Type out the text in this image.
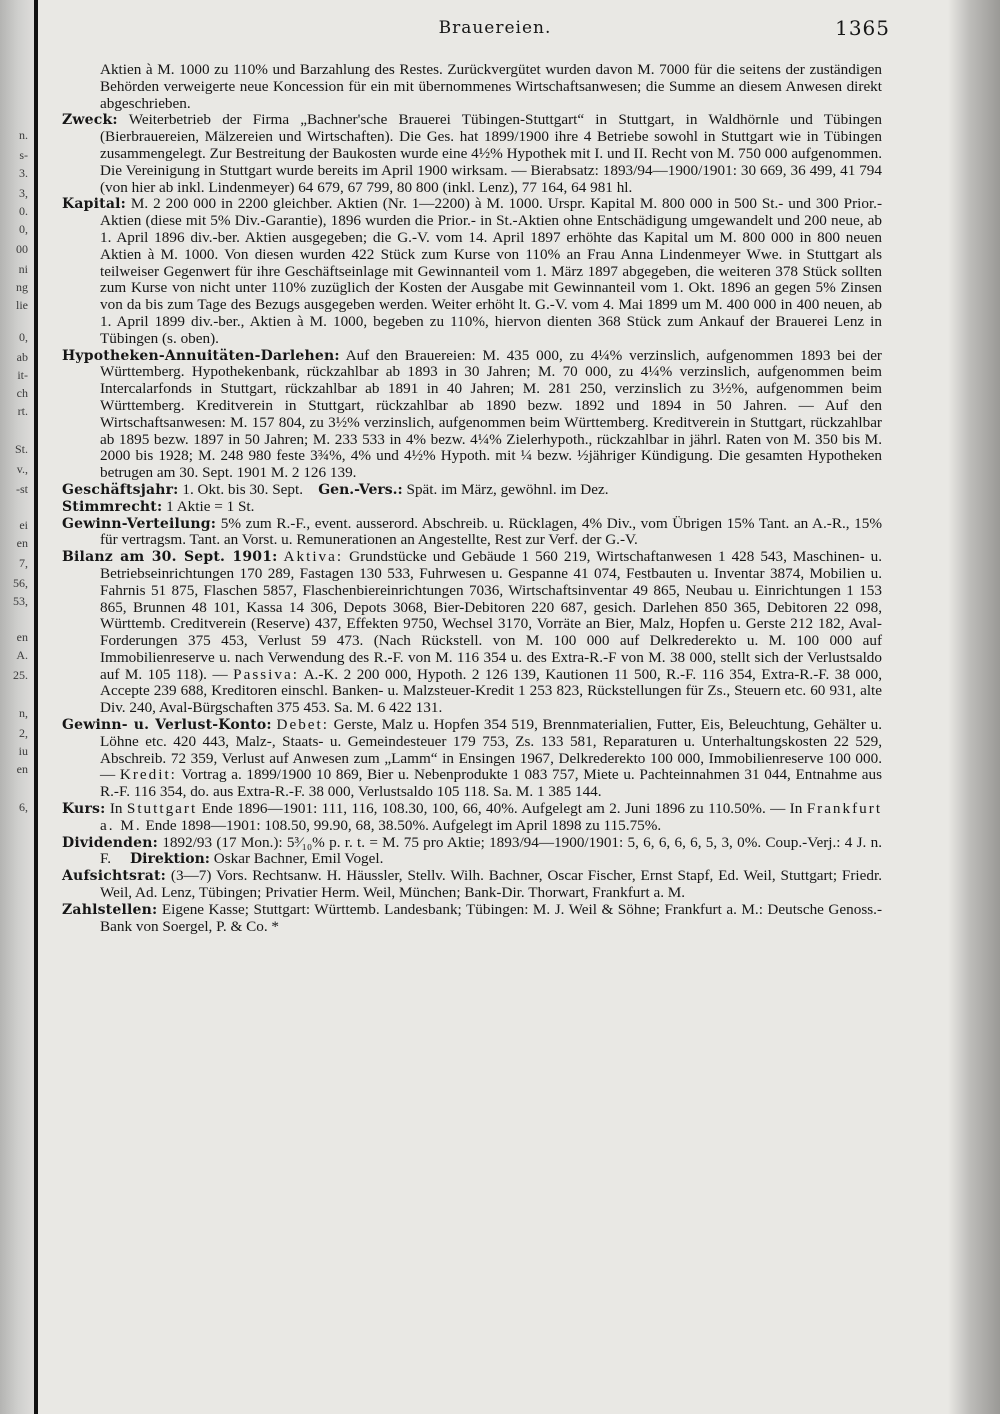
n.
s-
3.
3,
0.
0,
00
ni
ng
lie
0,
ab
it-
ch
rt.
St.
v.,
-st
ei
en
7,
56,
53,
en
A.
25.
n,
2,
iu
en
6,
Brauereien.	1365

Aktien à M. 1000 zu 110% und Barzahlung des Restes. Zurückvergütet wurden davon M. 7000 für die seitens der zuständigen Behörden verweigerte neue Koncession für ein mit übernommenes Wirtschaftsanwesen; die Summe an diesem Anwesen direkt abgeschrieben.

Zweck: Weiterbetrieb der Firma „Bachner'sche Brauerei Tübingen-Stuttgart“ in Stuttgart, in Waldhörnle und Tübingen (Bierbrauereien, Mälzereien und Wirtschaften). Die Ges. hat 1899/1900 ihre 4 Betriebe sowohl in Stuttgart wie in Tübingen zusammengelegt. Zur Bestreitung der Baukosten wurde eine 4½% Hypothek mit I. und II. Recht von M. 750 000 aufgenommen. Die Vereinigung in Stuttgart wurde bereits im April 1900 wirksam. — Bierabsatz: 1893/94—1900/1901: 30 669, 36 499, 41 794 (von hier ab inkl. Lindenmeyer) 64 679, 67 799, 80 800 (inkl. Lenz), 77 164, 64 981 hl.

Kapital: M. 2 200 000 in 2200 gleichber. Aktien (Nr. 1—2200) à M. 1000. Urspr. Kapital M. 800 000 in 500 St.- und 300 Prior.-Aktien (diese mit 5% Div.-Garantie), 1896 wurden die Prior.- in St.-Aktien ohne Entschädigung umgewandelt und 200 neue, ab 1. April 1896 div.-ber. Aktien ausgegeben; die G.-V. vom 14. April 1897 erhöhte das Kapital um M. 800 000 in 800 neuen Aktien à M. 1000. Von diesen wurden 422 Stück zum Kurse von 110% an Frau Anna Lindenmeyer Wwe. in Stuttgart als teilweiser Gegenwert für ihre Geschäftseinlage mit Gewinnanteil vom 1. März 1897 abgegeben, die weiteren 378 Stück sollten zum Kurse von nicht unter 110% zuzüglich der Kosten der Ausgabe mit Gewinnanteil vom 1. Okt. 1896 an gegen 5% Zinsen von da bis zum Tage des Bezugs ausgegeben werden. Weiter erhöht lt. G.-V. vom 4. Mai 1899 um M. 400 000 in 400 neuen, ab 1. April 1899 div.-ber., Aktien à M. 1000, begeben zu 110%, hiervon dienten 368 Stück zum Ankauf der Brauerei Lenz in Tübingen (s. oben).

Hypotheken-Annuitäten-Darlehen: Auf den Brauereien: M. 435 000, zu 4¼% verzinslich, aufgenommen 1893 bei der Württemberg. Hypothekenbank, rückzahlbar ab 1893 in 30 Jahren; M. 70 000, zu 4¼% verzinslich, aufgenommen beim Intercalarfonds in Stuttgart, rückzahlbar ab 1891 in 40 Jahren; M. 281 250, verzinslich zu 3½%, aufgenommen beim Württemberg. Kreditverein in Stuttgart, rückzahlbar ab 1890 bezw. 1892 und 1894 in 50 Jahren. — Auf den Wirtschaftsanwesen: M. 157 804, zu 3½% verzinslich, aufgenommen beim Württemberg. Kreditverein in Stuttgart, rückzahlbar ab 1895 bezw. 1897 in 50 Jahren; M. 233 533 in 4% bezw. 4¼% Zielerhypoth., rückzahlbar in jährl. Raten von M. 350 bis M. 2000 bis 1928; M. 248 980 feste 3¾%, 4% und 4½% Hypoth. mit ¼ bezw. ½jähriger Kündigung. Die gesamten Hypotheken betrugen am 30. Sept. 1901 M. 2 126 139.

Geschäftsjahr: 1. Okt. bis 30. Sept. Gen.-Vers.: Spät. im März, gewöhnl. im Dez.

Stimmrecht: 1 Aktie = 1 St.

Gewinn-Verteilung: 5% zum R.-F., event. ausserord. Abschreib. u. Rücklagen, 4% Div., vom Übrigen 15% Tant. an A.-R., 15% für vertragsm. Tant. an Vorst. u. Remunerationen an Angestellte, Rest zur Verf. der G.-V.

Bilanz am 30. Sept. 1901: Aktiva: Grundstücke und Gebäude 1 560 219, Wirtschaftanwesen 1 428 543, Maschinen- u. Betriebseinrichtungen 170 289, Fastagen 130 533, Fuhrwesen u. Gespanne 41 074, Festbauten u. Inventar 3874, Mobilien u. Fahrnis 51 875, Flaschen 5857, Flaschenbiereinrichtungen 7036, Wirtschaftsinventar 49 865, Neubau u. Einrichtungen 1 153 865, Brunnen 48 101, Kassa 14 306, Depots 3068, Bier-Debitoren 220 687, gesich. Darlehen 850 365, Debitoren 22 098, Württemb. Creditverein (Reserve) 437, Effekten 9750, Wechsel 3170, Vorräte an Bier, Malz, Hopfen u. Gerste 212 182, Aval-Forderungen 375 453, Verlust 59 473. (Nach Rückstell. von M. 100 000 auf Delkrederekto u. M. 100 000 auf Immobilienreserve u. nach Verwendung des R.-F. von M. 116 354 u. des Extra-R.-F von M. 38 000, stellt sich der Verlustsaldo auf M. 105 118). — Passiva: A.-K. 2 200 000, Hypoth. 2 126 139, Kautionen 11 500, R.-F. 116 354, Extra-R.-F. 38 000, Accepte 239 688, Kreditoren einschl. Banken- u. Malzsteuer-Kredit 1 253 823, Rückstellungen für Zs., Steuern etc. 60 931, alte Div. 240, Aval-Bürgschaften 375 453. Sa. M. 6 422 131.

Gewinn- u. Verlust-Konto: Debet: Gerste, Malz u. Hopfen 354 519, Brennmaterialien, Futter, Eis, Beleuchtung, Gehälter u. Löhne etc. 420 443, Malz-, Staats- u. Gemeindesteuer 179 753, Zs. 133 581, Reparaturen u. Unterhaltungskosten 22 529, Abschreib. 72 359, Verlust auf Anwesen zum „Lamm“ in Ensingen 1967, Delkrederekto 100 000, Immobilienreserve 100 000. — Kredit: Vortrag a. 1899/1900 10 869, Bier u. Nebenprodukte 1 083 757, Miete u. Pachteinnahmen 31 044, Entnahme aus R.-F. 116 354, do. aus Extra-R.-F. 38 000, Verlustsaldo 105 118. Sa. M. 1 385 144.

Kurs: In Stuttgart Ende 1896—1901: 111, 116, 108.30, 100, 66, 40%. Aufgelegt am 2. Juni 1896 zu 110.50%. — In Frankfurt a. M. Ende 1898—1901: 108.50, 99.90, 68, 38.50%. Aufgelegt im April 1898 zu 115.75%.

Dividenden: 1892/93 (17 Mon.): 5³⁄₁₀% p. r. t. = M. 75 pro Aktie; 1893/94—1900/1901: 5, 6, 6, 6, 6, 5, 3, 0%. Coup.-Verj.: 4 J. n. F. Direktion: Oskar Bachner, Emil Vogel.

Aufsichtsrat: (3—7) Vors. Rechtsanw. H. Häussler, Stellv. Wilh. Bachner, Oscar Fischer, Ernst Stapf, Ed. Weil, Stuttgart; Friedr. Weil, Ad. Lenz, Tübingen; Privatier Herm. Weil, München; Bank-Dir. Thorwart, Frankfurt a. M.

Zahlstellen: Eigene Kasse; Stuttgart: Württemb. Landesbank; Tübingen: M. J. Weil & Söhne; Frankfurt a. M.: Deutsche Genoss.-Bank von Soergel, P. & Co. *
